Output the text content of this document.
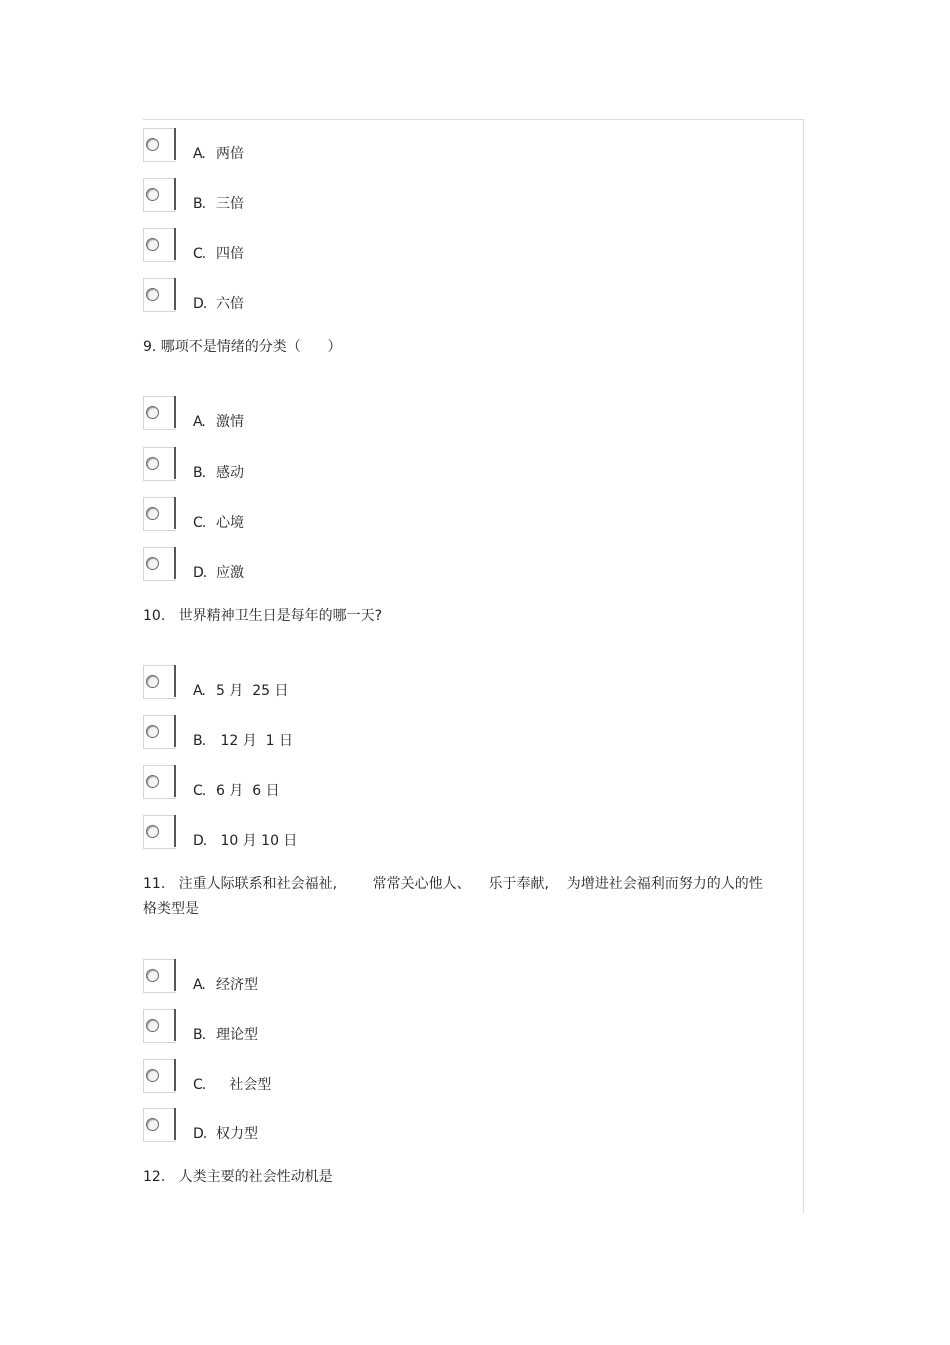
A. 两倍
B. 三倍
C. 四倍
D. 六倍
9. 哪项不是情绪的分类（      ）
A. 激情
B. 感动
C. 心境
D. 应激
10.   世界精神卫生日是每年的哪一天?
A. 5 月  25 日
B. 12 月  1 日
C. 6 月  6 日
D. 10 月 10 日
11.   注重人际联系和社会福祉,        常常关心他人、    乐于奉献,    为增进社会福利而努力的人的性
格类型是
A. 经济型
B. 理论型
C. 社会型
D. 权力型
12.   人类主要的社会性动机是
